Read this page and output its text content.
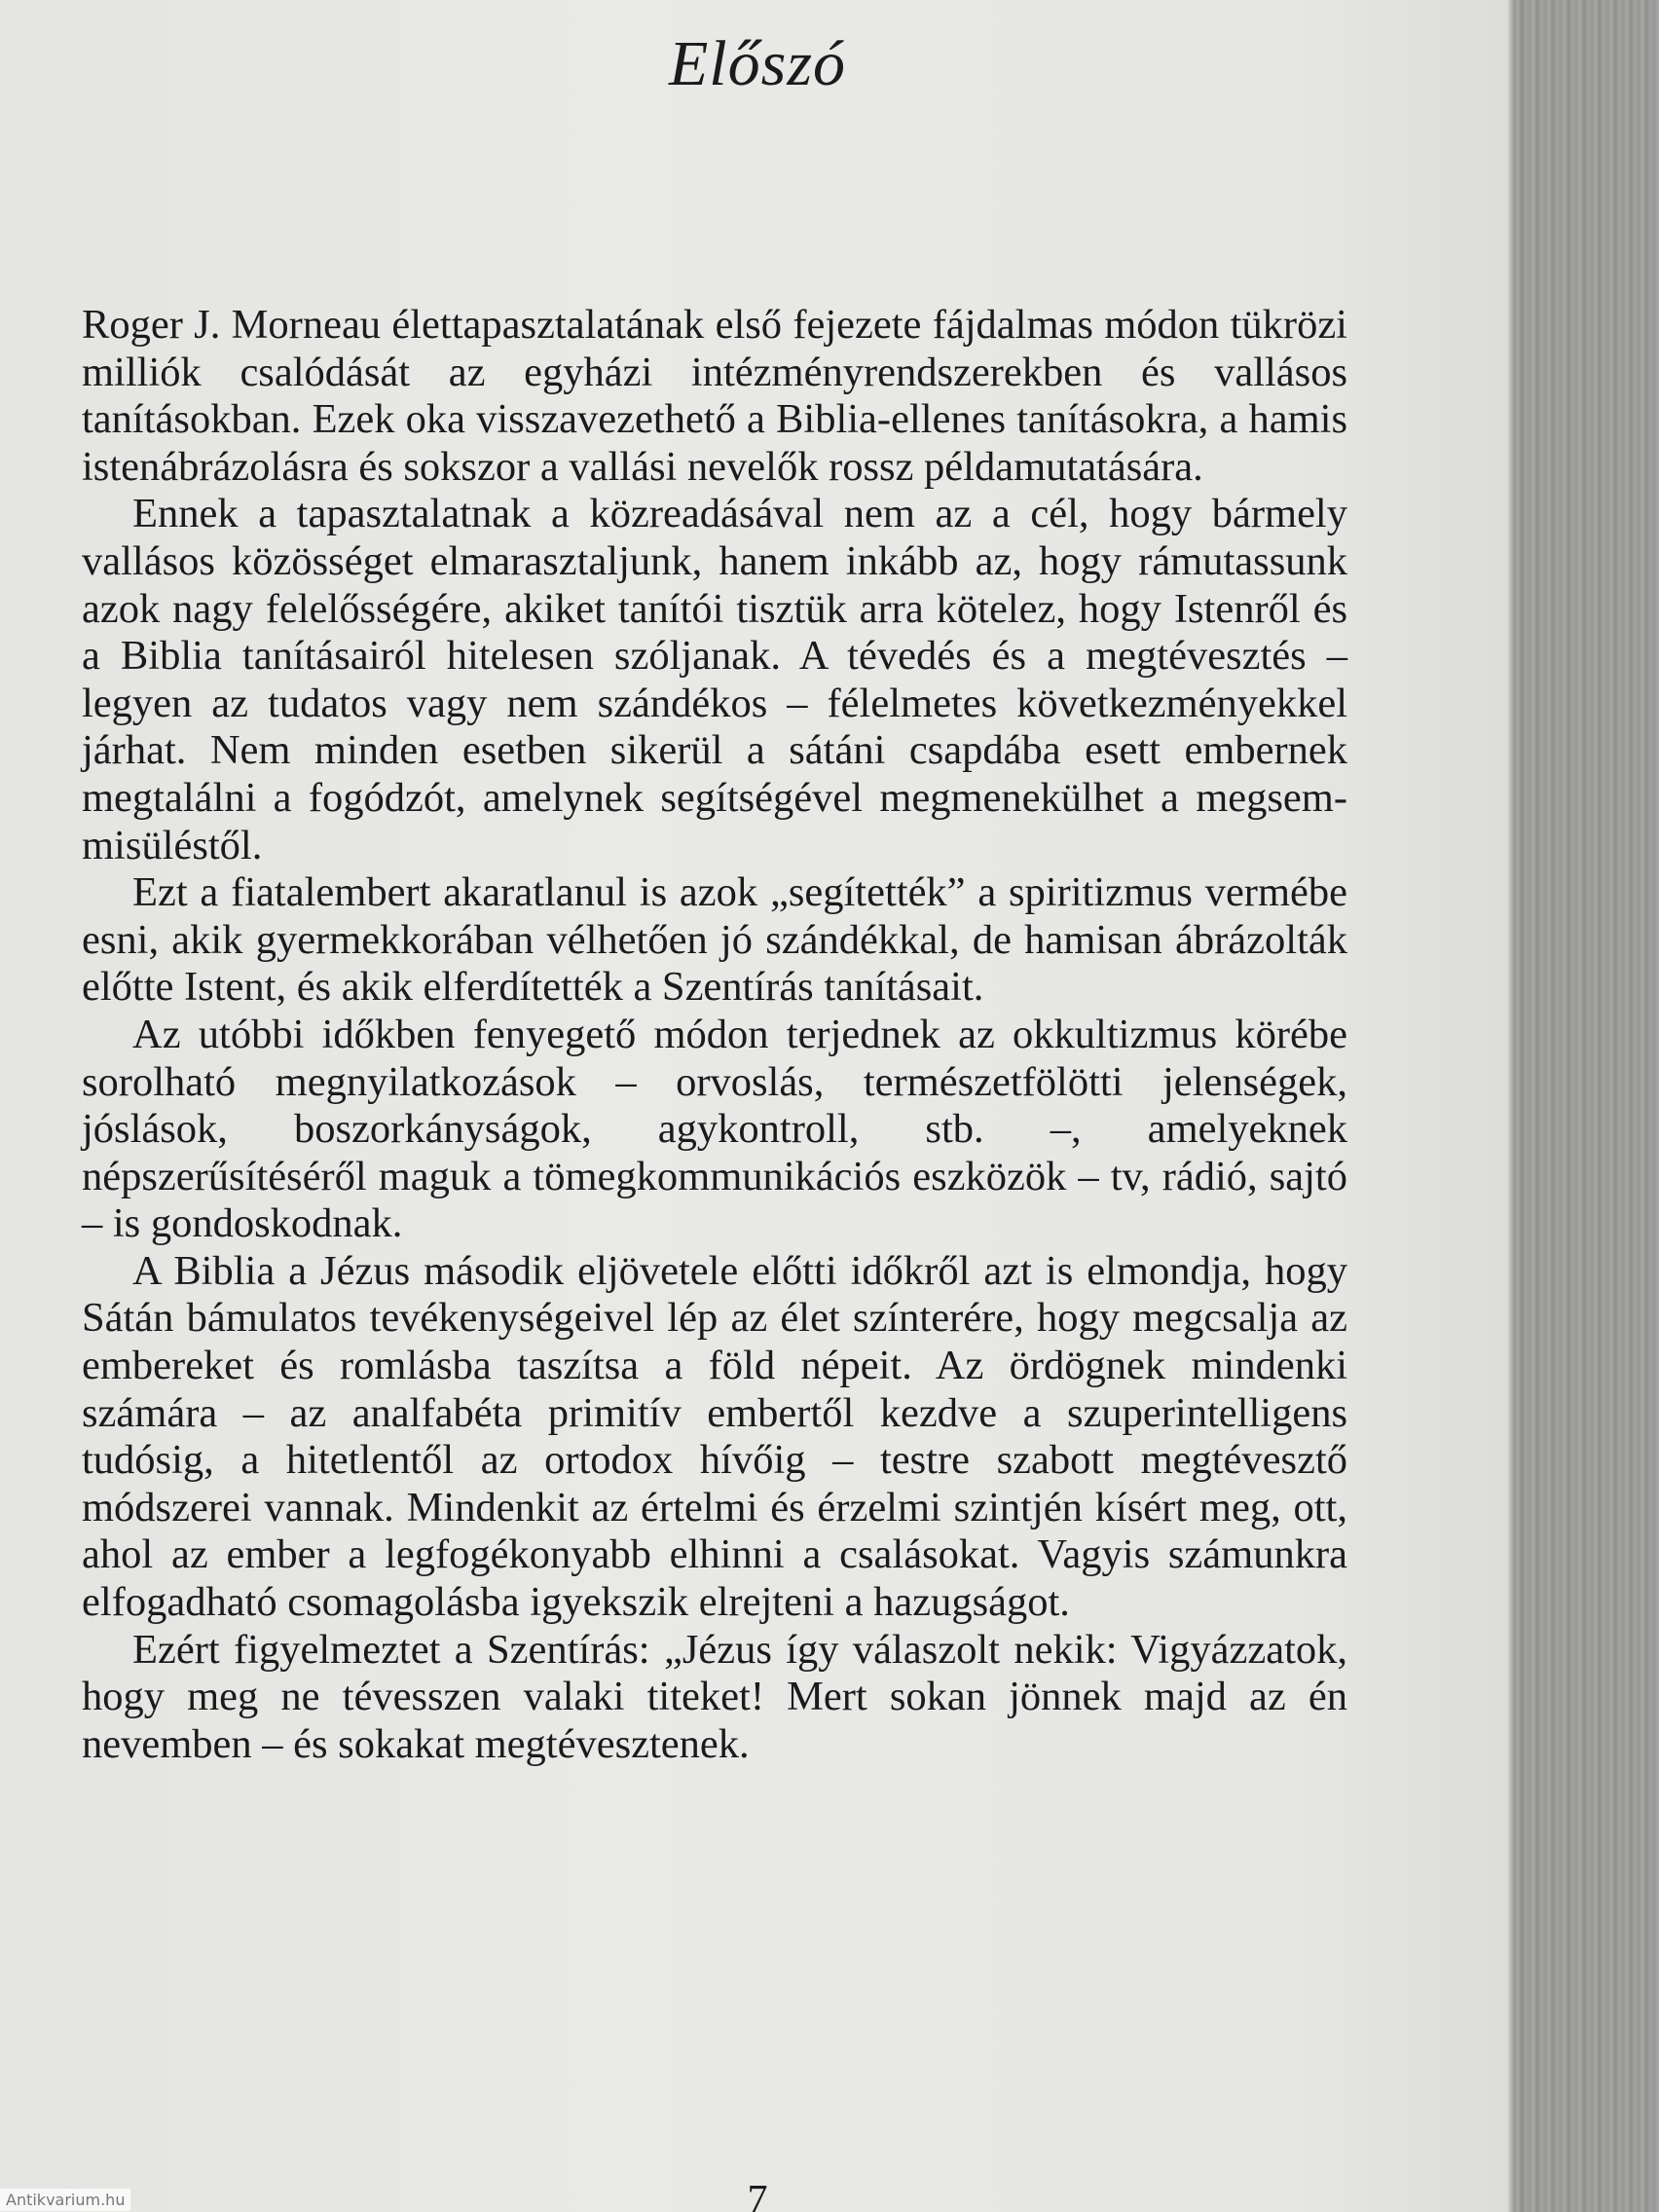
Előszó

Roger J. Morneau élettapasztalatának első fejezete fájdalmas módon tükrözi milliók csalódását az egyházi intézményrendszerekben és vallásos tanításokban. Ezek oka visszavezethető a Biblia-ellenes tanításokra, a hamis istenábrázolásra és sokszor a vallási nevelők rossz példamutatására.

Ennek a tapasztalatnak a közreadásával nem az a cél, hogy bármely vallásos közösséget elmarasztaljunk, hanem inkább az, hogy rámutassunk azok nagy felelősségére, akiket tanítói tisztük arra kötelez, hogy Istenről és a Biblia tanításairól hitelesen szóljanak. A tévedés és a megtévesztés – legyen az tudatos vagy nem szándékos – félelmetes következményekkel járhat. Nem minden esetben sikerül a sátáni csapdába esett embernek megtalálni a fogódzót, amelynek segítségével megmenekülhet a megsemmisüléstől.

Ezt a fiatalembert akaratlanul is azok „segítették” a spiritizmus vermébe esni, akik gyermekkorában vélhetően jó szándékkal, de hamisan ábrázolták előtte Istent, és akik elferdítették a Szentírás tanításait.

Az utóbbi időkben fenyegető módon terjednek az okkultizmus körébe sorolható megnyilatkozások – orvoslás, természetfölötti jelenségek, jóslások, boszorkányságok, agykontroll, stb. –, amelyeknek népszerűsítéséről maguk a tömegkommunikációs eszközök – tv, rádió, sajtó – is gondoskodnak.

A Biblia a Jézus második eljövetele előtti időkről azt is elmondja, hogy Sátán bámulatos tevékenységeivel lép az élet színterére, hogy megcsalja az embereket és romlásba taszítsa a föld népeit. Az ördögnek mindenki számára – az analfabéta primitív embertől kezdve a szuperintelligens tudósig, a hitetlentől az ortodox hívőig – testre szabott megtévesztő módszerei vannak. Mindenkit az értelmi és érzelmi szintjén kísért meg, ott, ahol az ember a legfogékonyabb elhinni a csalásokat. Vagyis számunkra elfogadható csomagolásba igyekszik elrejteni a hazugságot.

Ezért figyelmeztet a Szentírás: „Jézus így válaszolt nekik: Vigyázzatok, hogy meg ne tévesszen valaki titeket! Mert sokan jönnek majd az én nevemben – és sokakat megtévesztenek.

7
Antikvarium.hu
